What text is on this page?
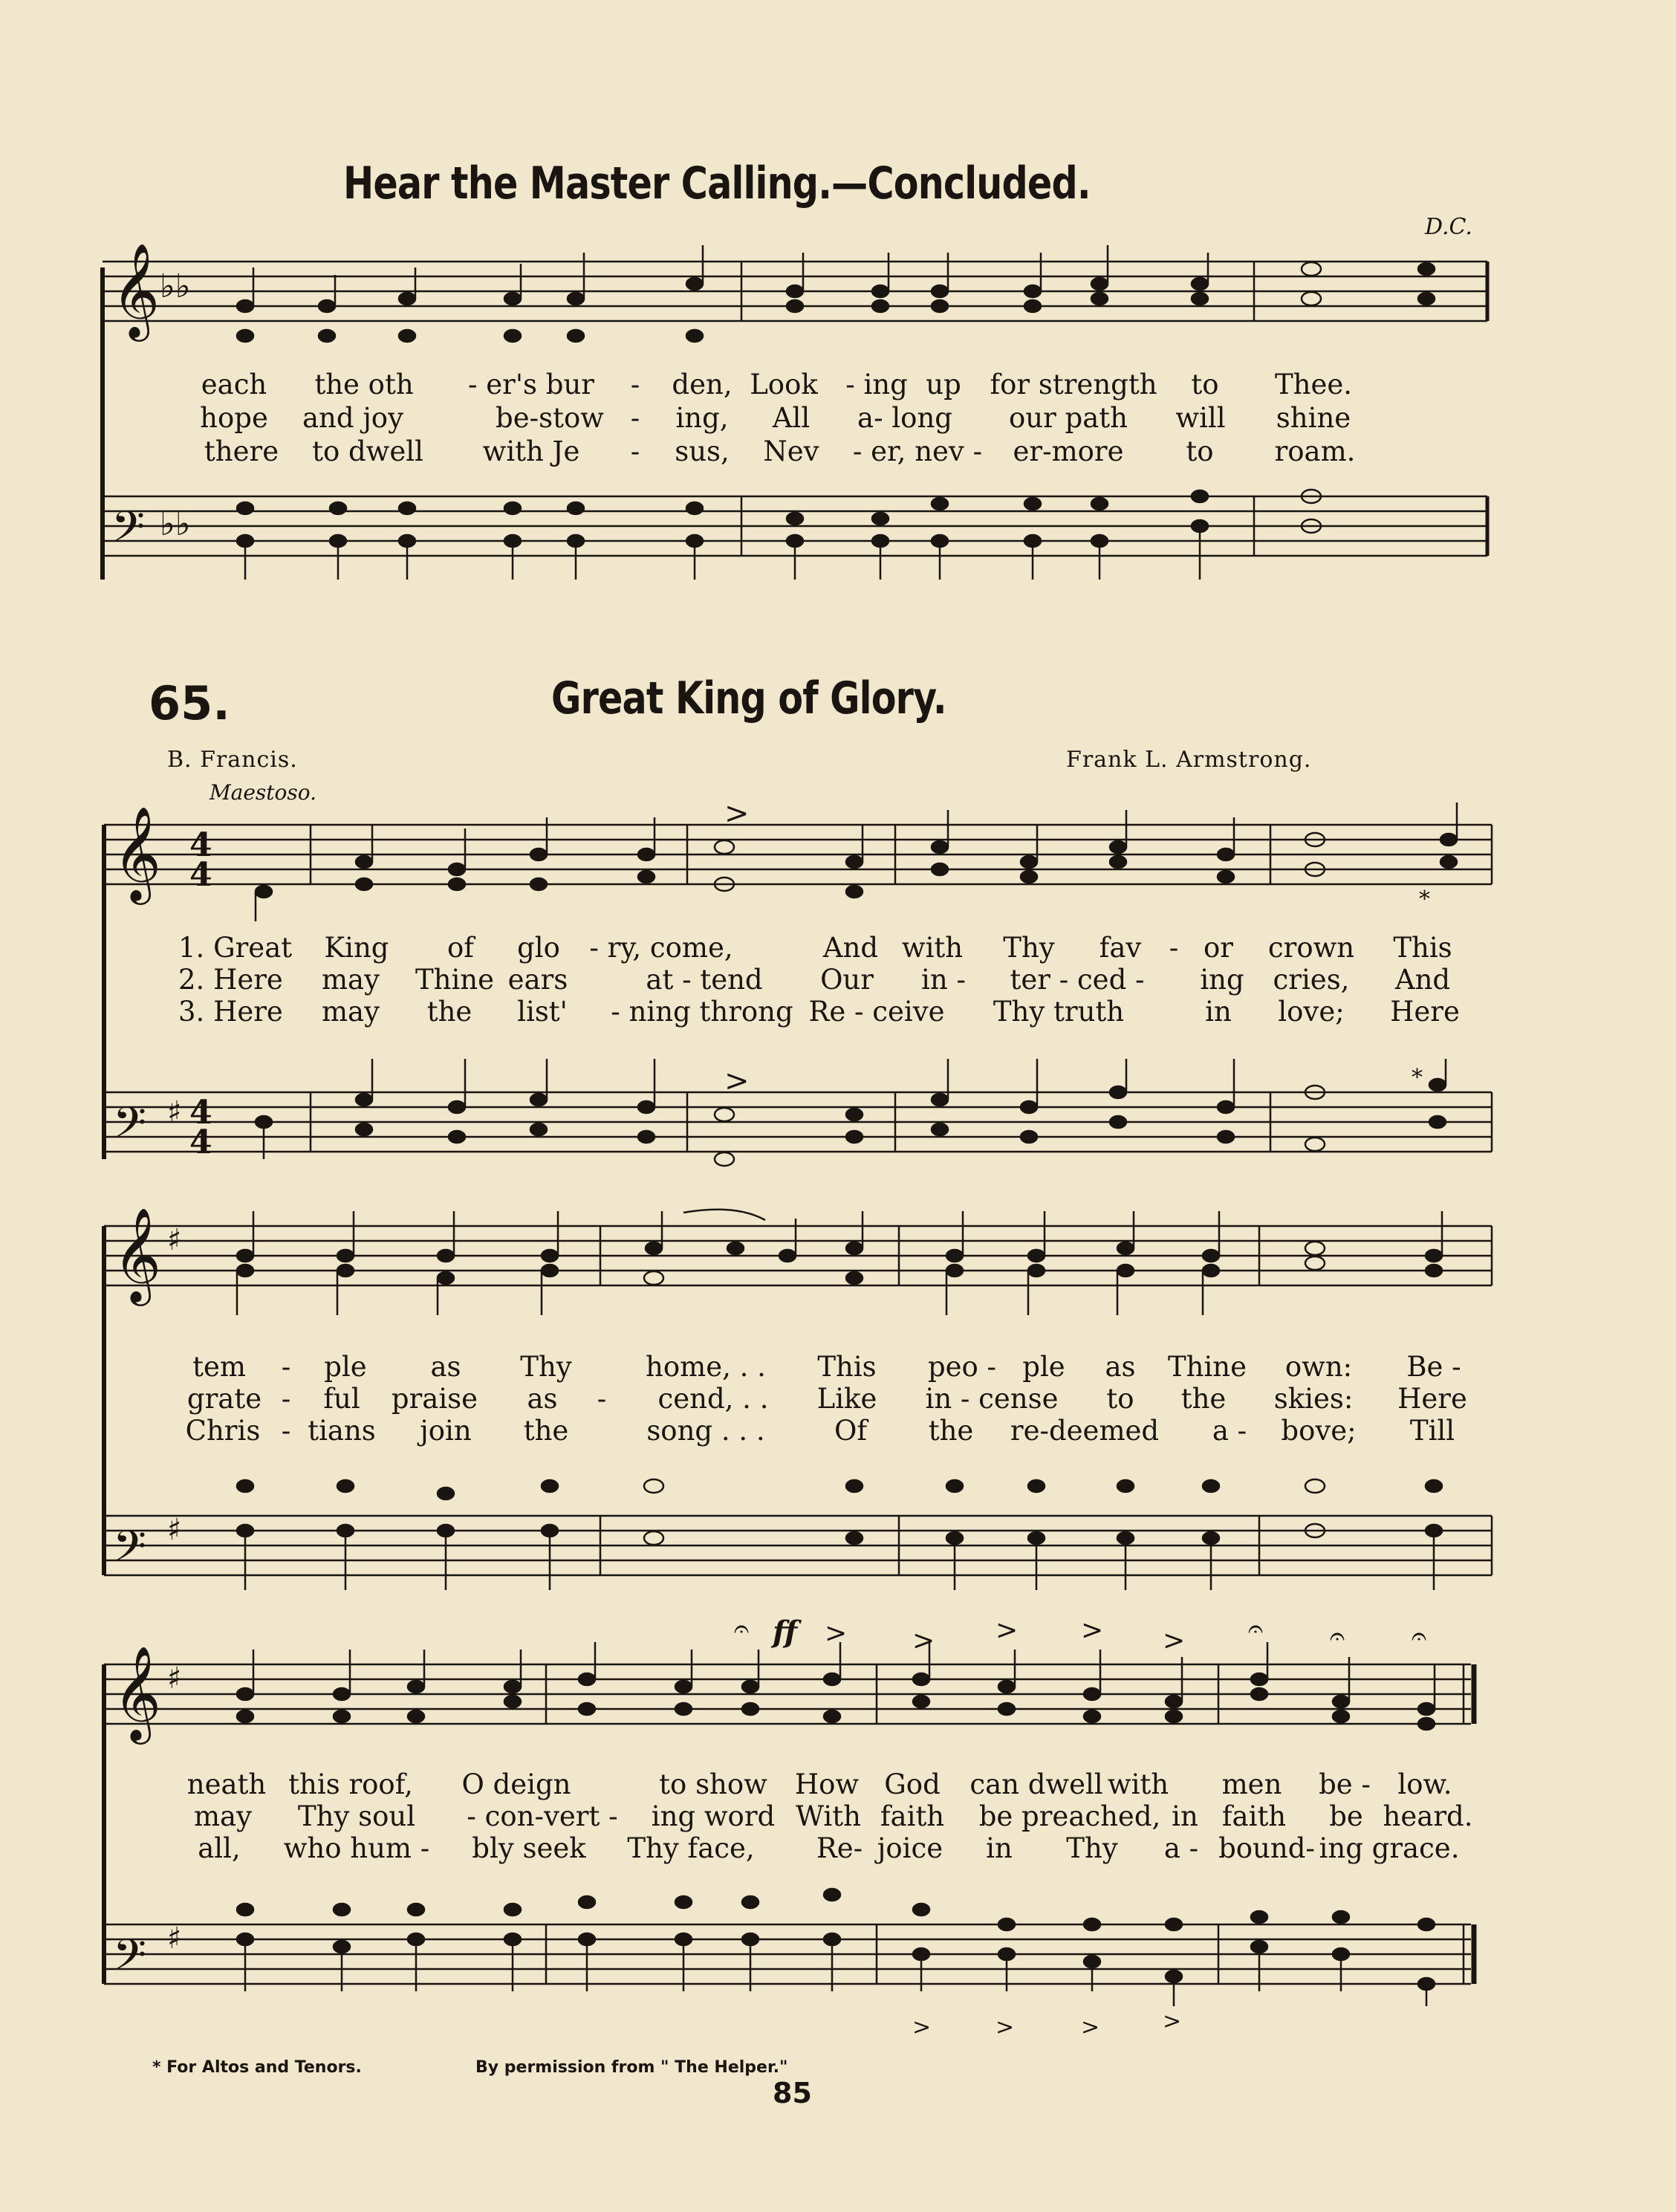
Hear the Master Calling.—Concluded.
D.C.
𝄞
𝄢
♭♭
♭♭
each the oth - er's bur - den, Look - ing up for strength to Thee.
hope and joy	be-stow - ing, All a- long our path will shine
there to dwell with Je - sus, Nev - er, nev - er-more to roam.
65.	Great King of Glory.
B. Francis.	Frank L. Armstrong.
Maestoso.
𝄞
𝄢
4
4
♯ 4
4
>
>
*
*
1. Great King of glo - ry, come,	And with Thy fav - or crown This
2. Here may Thine ears	at - tend Our in - ter - ced - ing cries, And
3. Here may the list' - ning throng Re - ceive Thy truth	in love; Here
𝄞
𝄢
♯
♯
tem - ple as Thy	home, . . This peo - ple as Thine own: Be -
grate - ful praise as - cend, . . Like in - cense to the skies: Here
Chris - tians join the	song . . .	Of the re-deemed a - bove; Till
𝄞
𝄢
♯
♯
𝄐	𝄐 𝄐 𝄐
> > > > >
>	>	>	>
ff
neath this roof, O deign	to show How God can dwell with men be - low.
may Thy soul - con-vert - ing word With faith be preached, in faith be heard.
all, who hum - bly seek Thy face, Re- joice in Thy a - bound- ing grace.
* For Altos and Tenors.	By permission from " The Helper."
85
